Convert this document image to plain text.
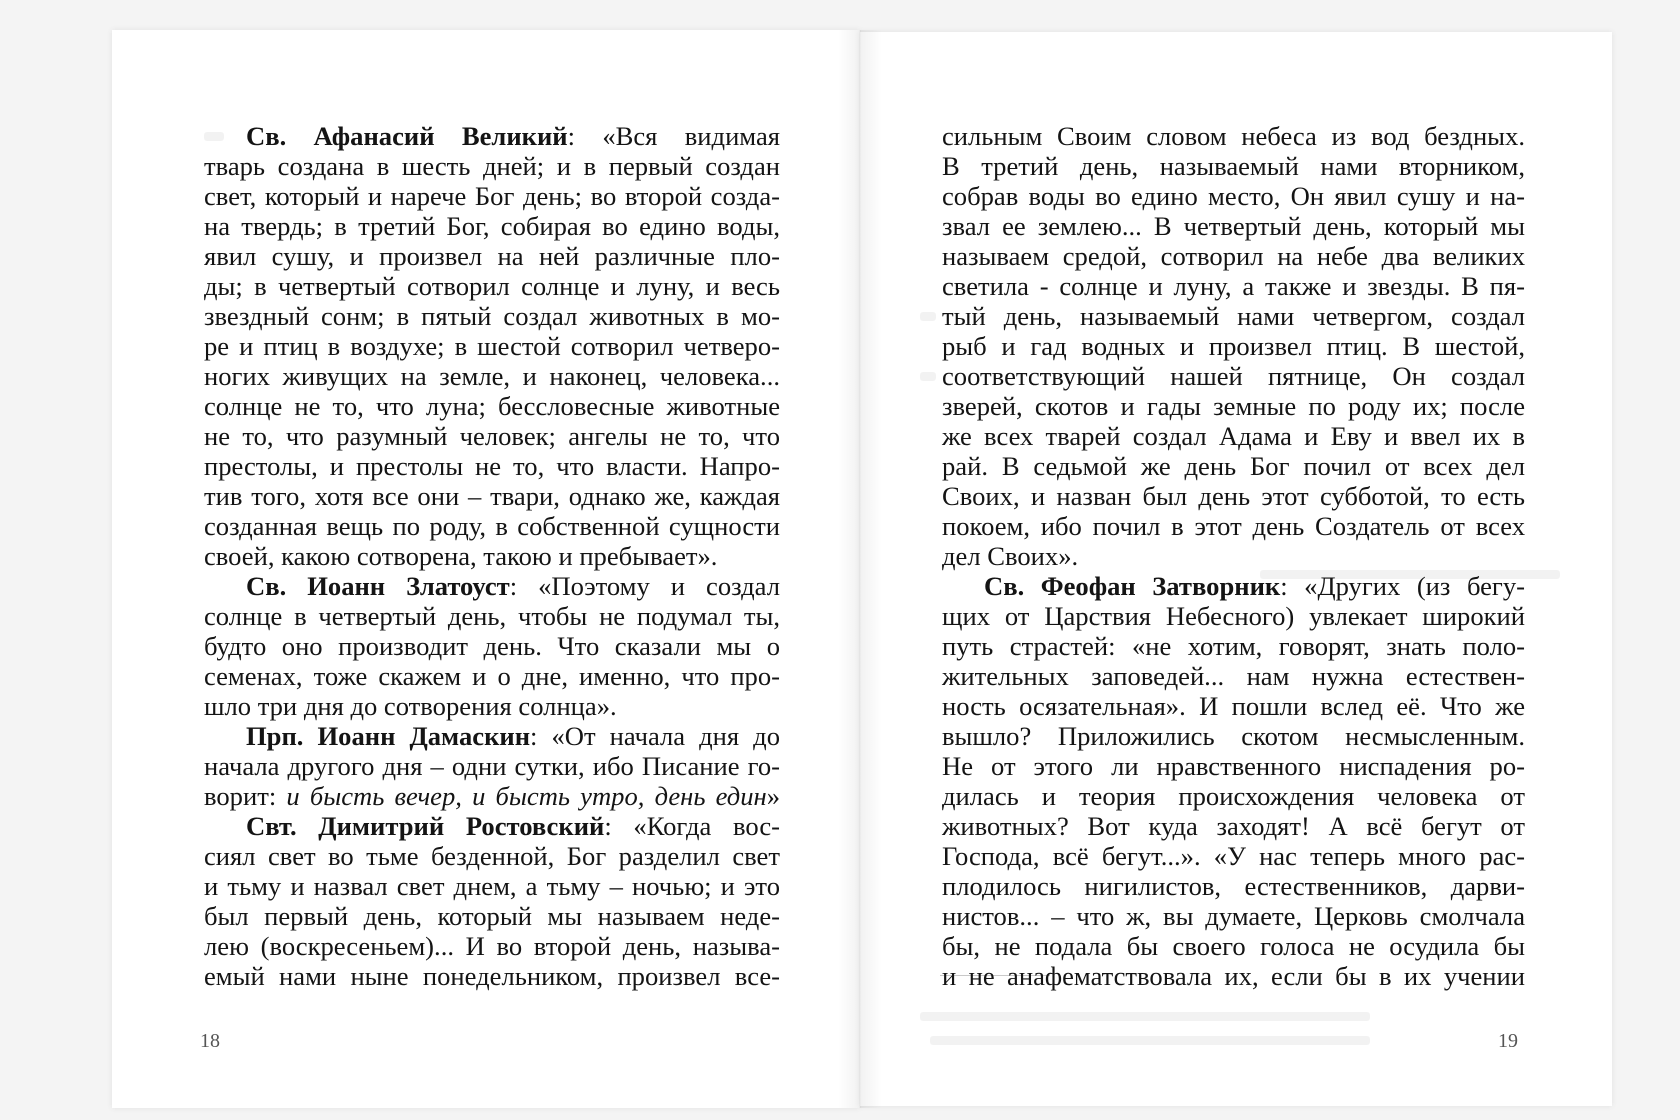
Св. Афанасий Великий: «Вся видимая
тварь создана в шесть дней; и в первый создан
свет, который и нарече Бог день; во второй созда-
на твердь; в третий Бог, собирая во едино воды,
явил сушу, и произвел на ней различные пло-
ды; в четвертый сотворил солнце и луну, и весь
звездный сонм; в пятый создал животных в мо-
ре и птиц в воздухе; в шестой сотворил четверо-
ногих живущих на земле, и наконец, человека...
солнце не то, что луна; бессловесные животные
не то, что разумный человек; ангелы не то, что
престолы, и престолы не то, что власти. Напро-
тив того, хотя все они – твари, однако же, каждая
созданная вещь по роду, в собственной сущности
своей, какою сотворена, такою и пребывает».
Св. Иоанн Златоуст: «Поэтому и создал
солнце в четвертый день, чтобы не подумал ты,
будто оно производит день. Что сказали мы о
семенах, тоже скажем и о дне, именно, что про-
шло три дня до сотворения солнца».
Прп. Иоанн Дамаскин: «От начала дня до
начала другого дня – одни сутки, ибо Писание го-
ворит: и бысть вечер, и бысть утро, день един»
Свт. Димитрий Ростовский: «Когда вос-
сиял свет во тьме безденной, Бог разделил свет
и тьму и назвал свет днем, а тьму – ночью; и это
был первый день, который мы называем неде-
лею (воскресеньем)... И во второй день, называ-
емый нами ныне понедельником, произвел все-
сильным Своим словом небеса из вод бездных.
В третий день, называемый нами вторником,
собрав воды во едино место, Он явил сушу и на-
звал ее землею... В четвертый день, который мы
называем средой, сотворил на небе два великих
светила - солнце и луну, а также и звезды. В пя-
тый день, называемый нами четвергом, создал
рыб и гад водных и произвел птиц. В шестой,
соответствующий нашей пятнице, Он создал
зверей, скотов и гады земные по роду их; после
же всех тварей создал Адама и Еву и ввел их в
рай. В седьмой же день Бог почил от всех дел
Своих, и назван был день этот субботой, то есть
покоем, ибо почил в этот день Создатель от всех
дел Своих».
Св. Феофан Затворник: «Других (из бегу-
щих от Царствия Небесного) увлекает широкий
путь страстей: «не хотим, говорят, знать поло-
жительных заповедей... нам нужна естествен-
ность осязательная». И пошли вслед её. Что же
вышло? Приложились скотом несмысленным.
Не от этого ли нравственного ниспадения ро-
дилась и теория происхождения человека от
животных? Вот куда заходят! А всё бегут от
Господа, всё бегут...». «У нас теперь много рас-
плодилось нигилистов, естественников, дарви-
нистов... – что ж, вы думаете, Церковь смолчала
бы, не подала бы своего голоса не осудила бы
и не анафематствовала их, если бы в их учении
18	19
